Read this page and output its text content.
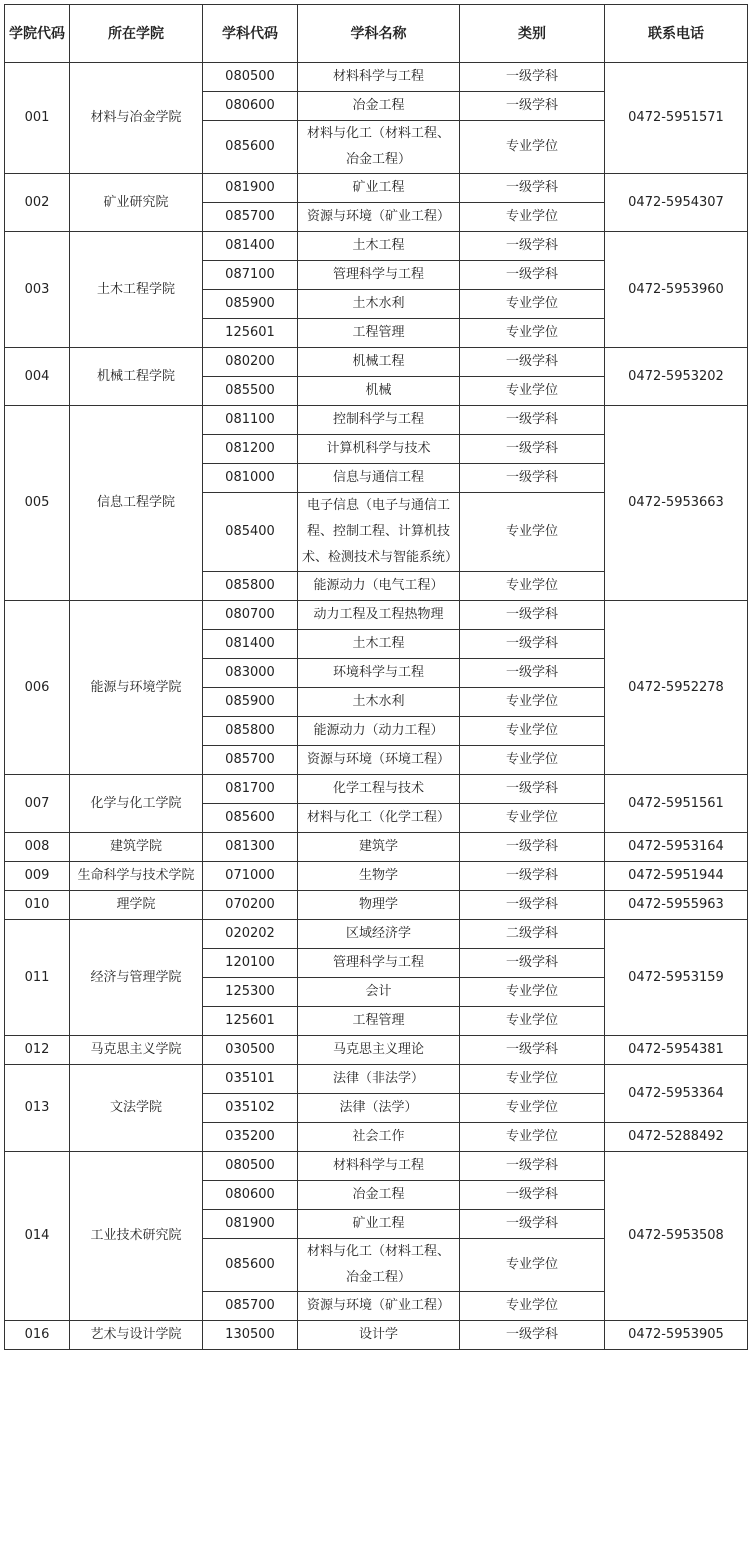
学院代码	所在学院	学科代码	学科名称	类别	联系电话
001	材料与冶金学院	080500	材料科学与工程	一级学科	0472-5951571
		080600	冶金工程	一级学科	
		085600	材料与化工（材料工程、冶金工程）	专业学位	
002	矿业研究院	081900	矿业工程	一级学科	0472-5954307
		085700	资源与环境（矿业工程）	专业学位	
003	土木工程学院	081400	土木工程	一级学科	0472-5953960
		087100	管理科学与工程	一级学科	
		085900	土木水利	专业学位	
		125601	工程管理	专业学位	
004	机械工程学院	080200	机械工程	一级学科	0472-5953202
		085500	机械	专业学位	
005	信息工程学院	081100	控制科学与工程	一级学科	0472-5953663
		081200	计算机科学与技术	一级学科	
		081000	信息与通信工程	一级学科	
		085400	电子信息（电子与通信工程、控制工程、计算机技术、检测技术与智能系统）	专业学位	
		085800	能源动力（电气工程）	专业学位	
006	能源与环境学院	080700	动力工程及工程热物理	一级学科	0472-5952278
		081400	土木工程	一级学科	
		083000	环境科学与工程	一级学科	
		085900	土木水利	专业学位	
		085800	能源动力（动力工程）	专业学位	
		085700	资源与环境（环境工程）	专业学位	
007	化学与化工学院	081700	化学工程与技术	一级学科	0472-5951561
		085600	材料与化工（化学工程）	专业学位	
008	建筑学院	081300	建筑学	一级学科	0472-5953164
009	生命科学与技术学院	071000	生物学	一级学科	0472-5951944
010	理学院	070200	物理学	一级学科	0472-5955963
011	经济与管理学院	020202	区域经济学	二级学科	0472-5953159
		120100	管理科学与工程	一级学科	
		125300	会计	专业学位	
		125601	工程管理	专业学位	
012	马克思主义学院	030500	马克思主义理论	一级学科	0472-5954381
013	文法学院	035101	法律（非法学）	专业学位	0472-5953364
		035102	法律（法学）	专业学位	
		035200	社会工作	专业学位	0472-5288492
014	工业技术研究院	080500	材料科学与工程	一级学科	0472-5953508
		080600	冶金工程	一级学科	
		081900	矿业工程	一级学科	
		085600	材料与化工（材料工程、冶金工程）	专业学位	
		085700	资源与环境（矿业工程）	专业学位	
016	艺术与设计学院	130500	设计学	一级学科	0472-5953905
